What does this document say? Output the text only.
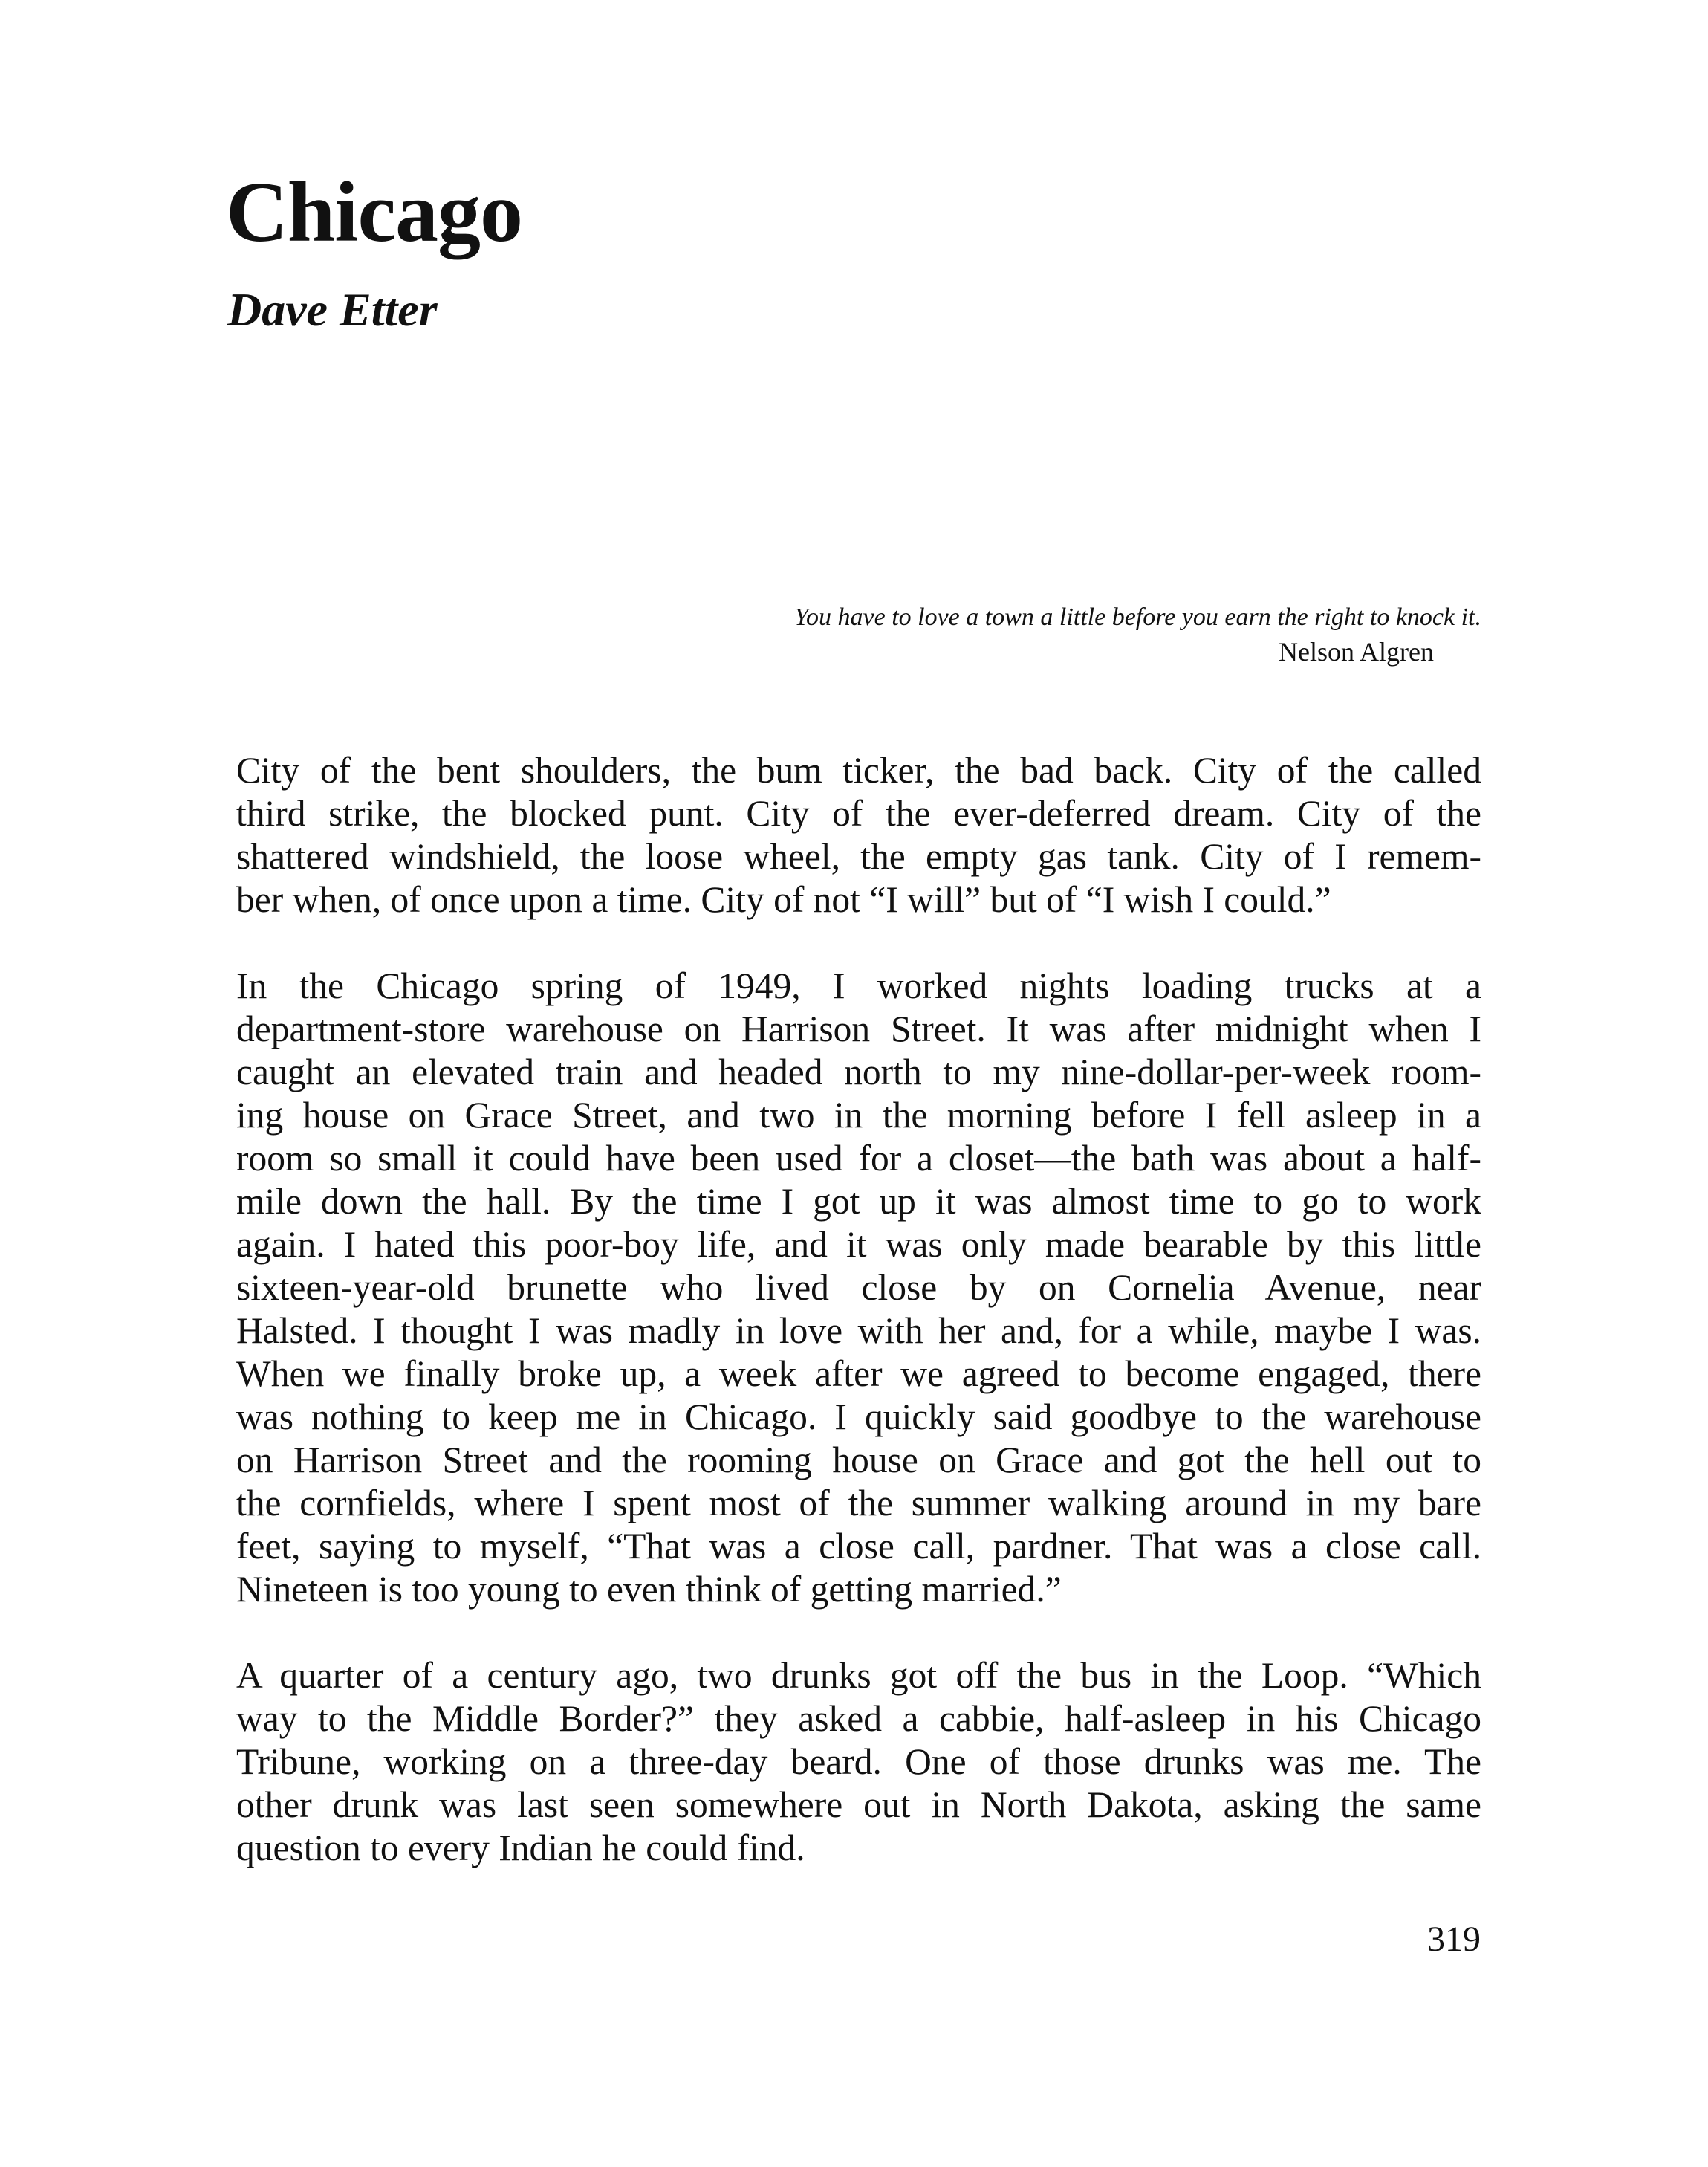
Chicago
Dave Etter
You have to love a town a little before you earn the right to knock it.
Nelson Algren

City of the bent shoulders, the bum ticker, the bad back. City of the called
third strike, the blocked punt. City of the ever-deferred dream. City of the
shattered windshield, the loose wheel, the empty gas tank. City of I remem-
ber when, of once upon a time. City of not “I will” but of “I wish I could.”

In the Chicago spring of 1949, I worked nights loading trucks at a
department-store warehouse on Harrison Street. It was after midnight when I
caught an elevated train and headed north to my nine-dollar-per-week room-
ing house on Grace Street, and two in the morning before I fell asleep in a
room so small it could have been used for a closet—the bath was about a half-
mile down the hall. By the time I got up it was almost time to go to work
again. I hated this poor-boy life, and it was only made bearable by this little
sixteen-year-old brunette who lived close by on Cornelia Avenue, near
Halsted. I thought I was madly in love with her and, for a while, maybe I was.
When we finally broke up, a week after we agreed to become engaged, there
was nothing to keep me in Chicago. I quickly said goodbye to the warehouse
on Harrison Street and the rooming house on Grace and got the hell out to
the cornfields, where I spent most of the summer walking around in my bare
feet, saying to myself, “That was a close call, pardner. That was a close call.
Nineteen is too young to even think of getting married.”

A quarter of a century ago, two drunks got off the bus in the Loop. “Which
way to the Middle Border?” they asked a cabbie, half-asleep in his Chicago
Tribune, working on a three-day beard. One of those drunks was me. The
other drunk was last seen somewhere out in North Dakota, asking the same
question to every Indian he could find.

319
